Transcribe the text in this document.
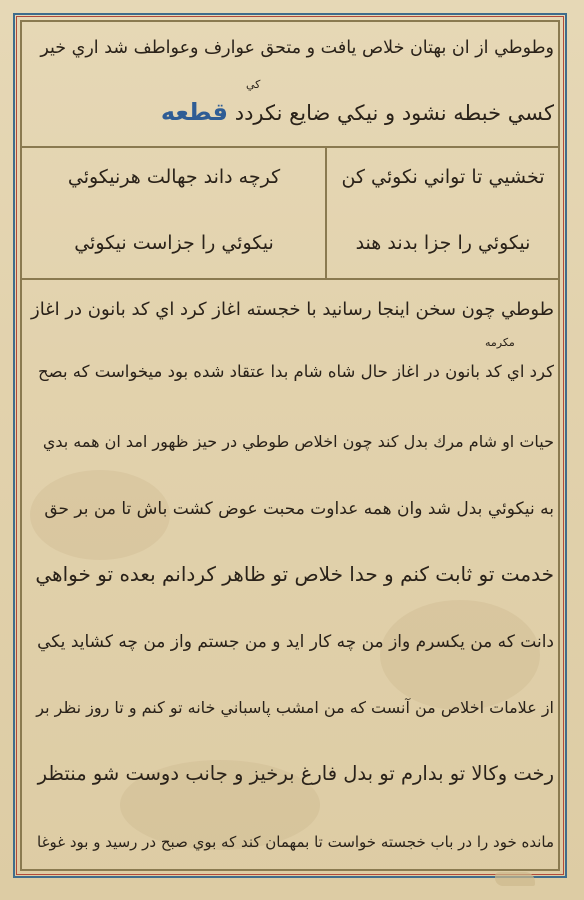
وطوطي از ان بهتان خلاص يافت و متحق عوارف وعواطف شد اري خير
كي
كسي خبطه نشود و نيكي ضايع نكردد قطعه
تخشيي تا تواني نكوئي كن
كرچه داند جهالت هرنيكوئي
نيكوئي را جزا بدند هند
نيكوئي را جزاست نيكوئي
طوطي چون سخن اينجا رسانيد با خجسته اغاز كرد اي كد بانون در اغاز
مكرمه
كرد اي كد بانون در اغاز حال شاه شام بدا عتقاد شده بود ميخواست كه بصح
حيات او شام مرك بدل كند چون اخلاص طوطي در حيز ظهور امد ان همه بدي
به نيكوئي بدل شد وان همه عداوت محبت عوض كشت باش تا من بر حق
خدمت تو ثابت كنم و حدا خلاص تو ظاهر كردانم بعده تو خواهي
دانت كه من يكسرم واز من چه كار ايد و من جستم واز من چه كشايد يكي
از علامات اخلاص من آنست كه من امشب پاسباني خانه تو كنم و تا روز نظر بر
رخت وكالا تو بدارم تو بدل فارغ برخيز و جانب دوست شو منتظر
مانده خود را در باب خجسته خواست تا بمهمان كند كه بوي صبح در رسيد و بود غوغا
